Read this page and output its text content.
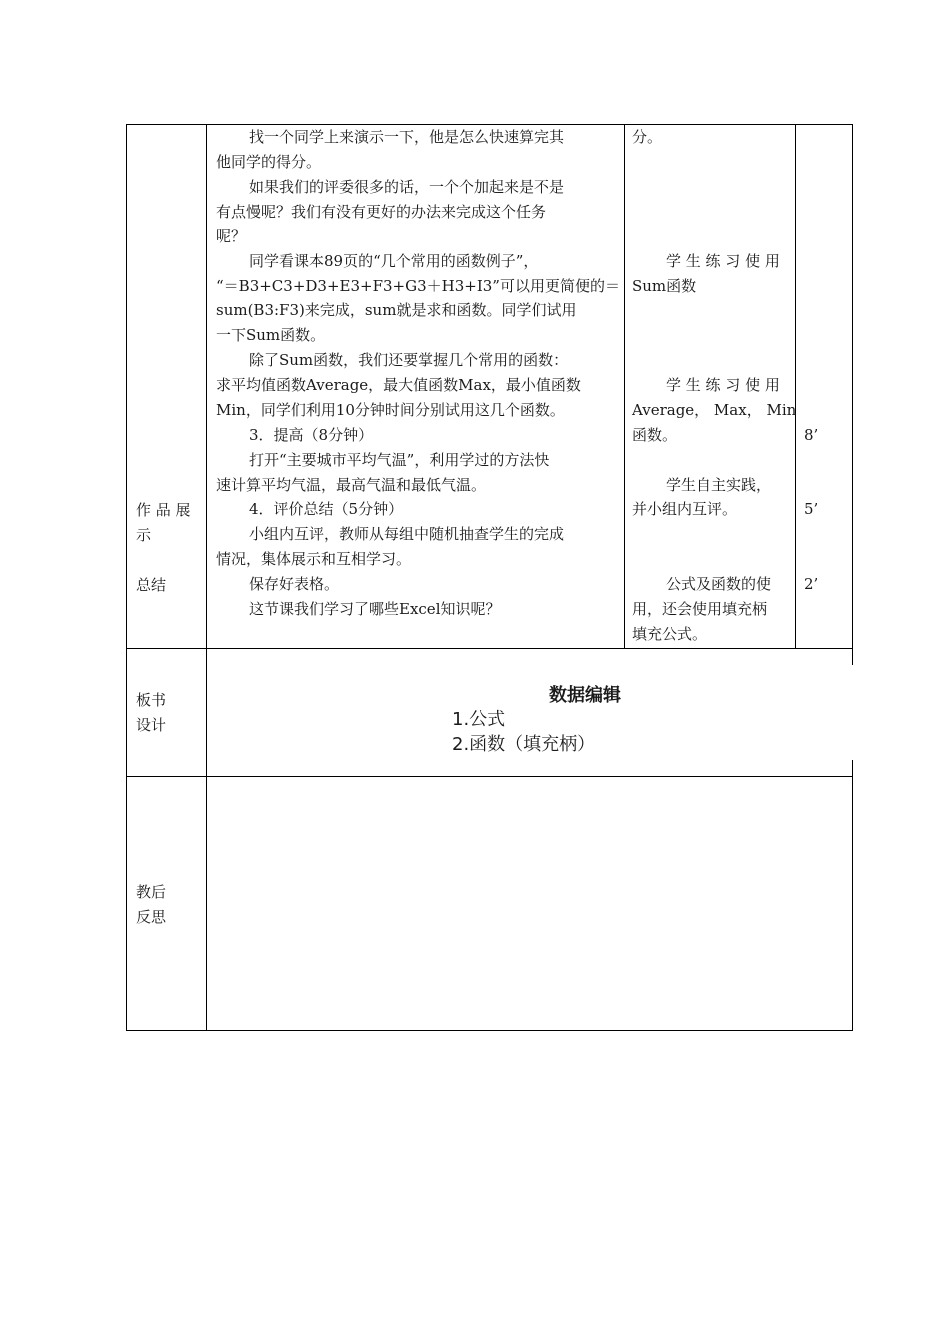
作 品 展
示
总结
找一个同学上来演示一下，他是怎么快速算完其
他同学的得分。
如果我们的评委很多的话，一个个加起来是不是
有点慢呢？我们有没有更好的办法来完成这个任务
呢？
同学看课本89页的“几个常用的函数例子”，
“＝B3+C3+D3+E3+F3+G3＋H3+I3”可以用更简便的＝
sum(B3:F3)来完成，sum就是求和函数。同学们试用
一下Sum函数。
除了Sum函数，我们还要掌握几个常用的函数：
求平均值函数Average，最大值函数Max，最小值函数
Min，同学们利用10分钟时间分别试用这几个函数。
3．提高（8分钟）
打开“主要城市平均气温”，利用学过的方法快
速计算平均气温，最高气温和最低气温。
4．评价总结（5分钟）
小组内互评，教师从每组中随机抽查学生的完成
情况，集体展示和互相学习。
保存好表格。
这节课我们学习了哪些Excel知识呢？
分。
学 生 练 习 使 用
Sum函数
学 生 练 习 使 用
Average， Max， Min
函数。
学生自主实践，
并小组内互评。
公式及函数的使
用，还会使用填充柄
填充公式。
8’
5’
2’
板书
设计
数据编辑
1.公式
2.函数（填充柄）
教后
反思
